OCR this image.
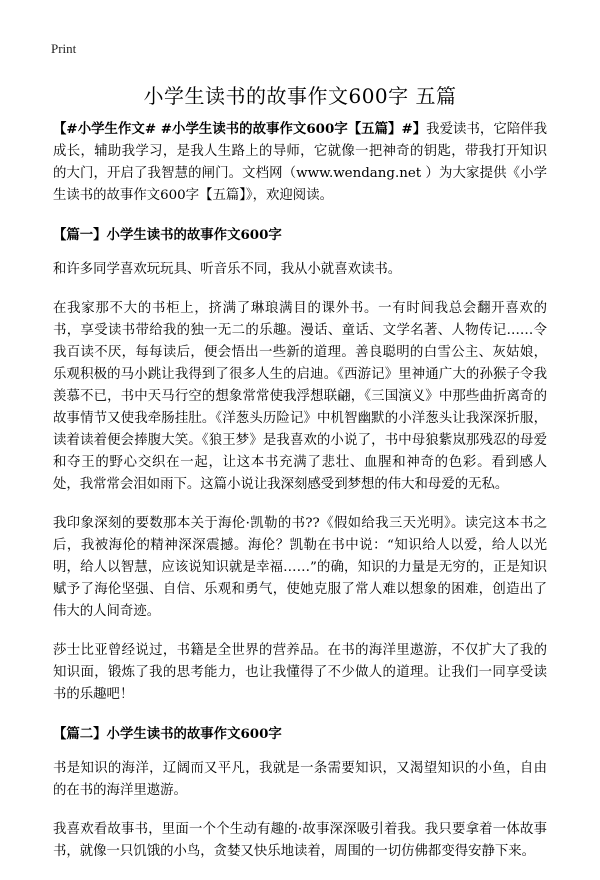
Print
小学生读书的故事作文600字 五篇

【#小学生作文# #小学生读书的故事作文600字【五篇】#】我爱读书，它陪伴我成长，辅助我学习，是我人生路上的导师，它就像一把神奇的钥匙，带我打开知识的大门，开启了我智慧的闸门。文档网（www.wendang.net ）为大家提供《小学生读书的故事作文600字【五篇】》，欢迎阅读。

【篇一】小学生读书的故事作文600字

和许多同学喜欢玩玩具、听音乐不同，我从小就喜欢读书。

在我家那不大的书柜上，挤满了琳琅满目的课外书。一有时间我总会翻开喜欢的书，享受读书带给我的独一无二的乐趣。漫话、童话、文学名著、人物传记……令我百读不厌，每每读后，便会悟出一些新的道理。善良聪明的白雪公主、灰姑娘，乐观积极的马小跳让我得到了很多人生的启迪。《西游记》里神通广大的孙猴子令我羡慕不已，书中天马行空的想象常常使我浮想联翩，《三国演义》中那些曲折离奇的故事情节又使我牵肠挂肚。《洋葱头历险记》中机智幽默的小洋葱头让我深深折服，读着读着便会捧腹大笑。《狼王梦》是我喜欢的小说了，书中母狼紫岚那残忍的母爱和夺王的野心交织在一起，让这本书充满了悲壮、血腥和神奇的色彩。看到感人处，我常常会泪如雨下。这篇小说让我深刻感受到梦想的伟大和母爱的无私。

我印象深刻的要数那本关于海伦·凯勒的书??《假如给我三天光明》。读完这本书之后，我被海伦的精神深深震撼。海伦？凯勒在书中说：“知识给人以爱，给人以光明，给人以智慧，应该说知识就是幸福……”的确，知识的力量是无穷的，正是知识赋予了海伦坚强、自信、乐观和勇气，使她克服了常人难以想象的困难，创造出了伟大的人间奇迹。

莎士比亚曾经说过，书籍是全世界的营养品。在书的海洋里遨游，不仅扩大了我的知识面，锻炼了我的思考能力，也让我懂得了不少做人的道理。让我们一同享受读书的乐趣吧！

【篇二】小学生读书的故事作文600字

书是知识的海洋，辽阔而又平凡，我就是一条需要知识，又渴望知识的小鱼，自由的在书的海洋里遨游。

我喜欢看故事书，里面一个个生动有趣的·故事深深吸引着我。我只要拿着一体故事书，就像一只饥饿的小鸟，贪婪又快乐地读着，周围的一切仿佛都变得安静下来。
